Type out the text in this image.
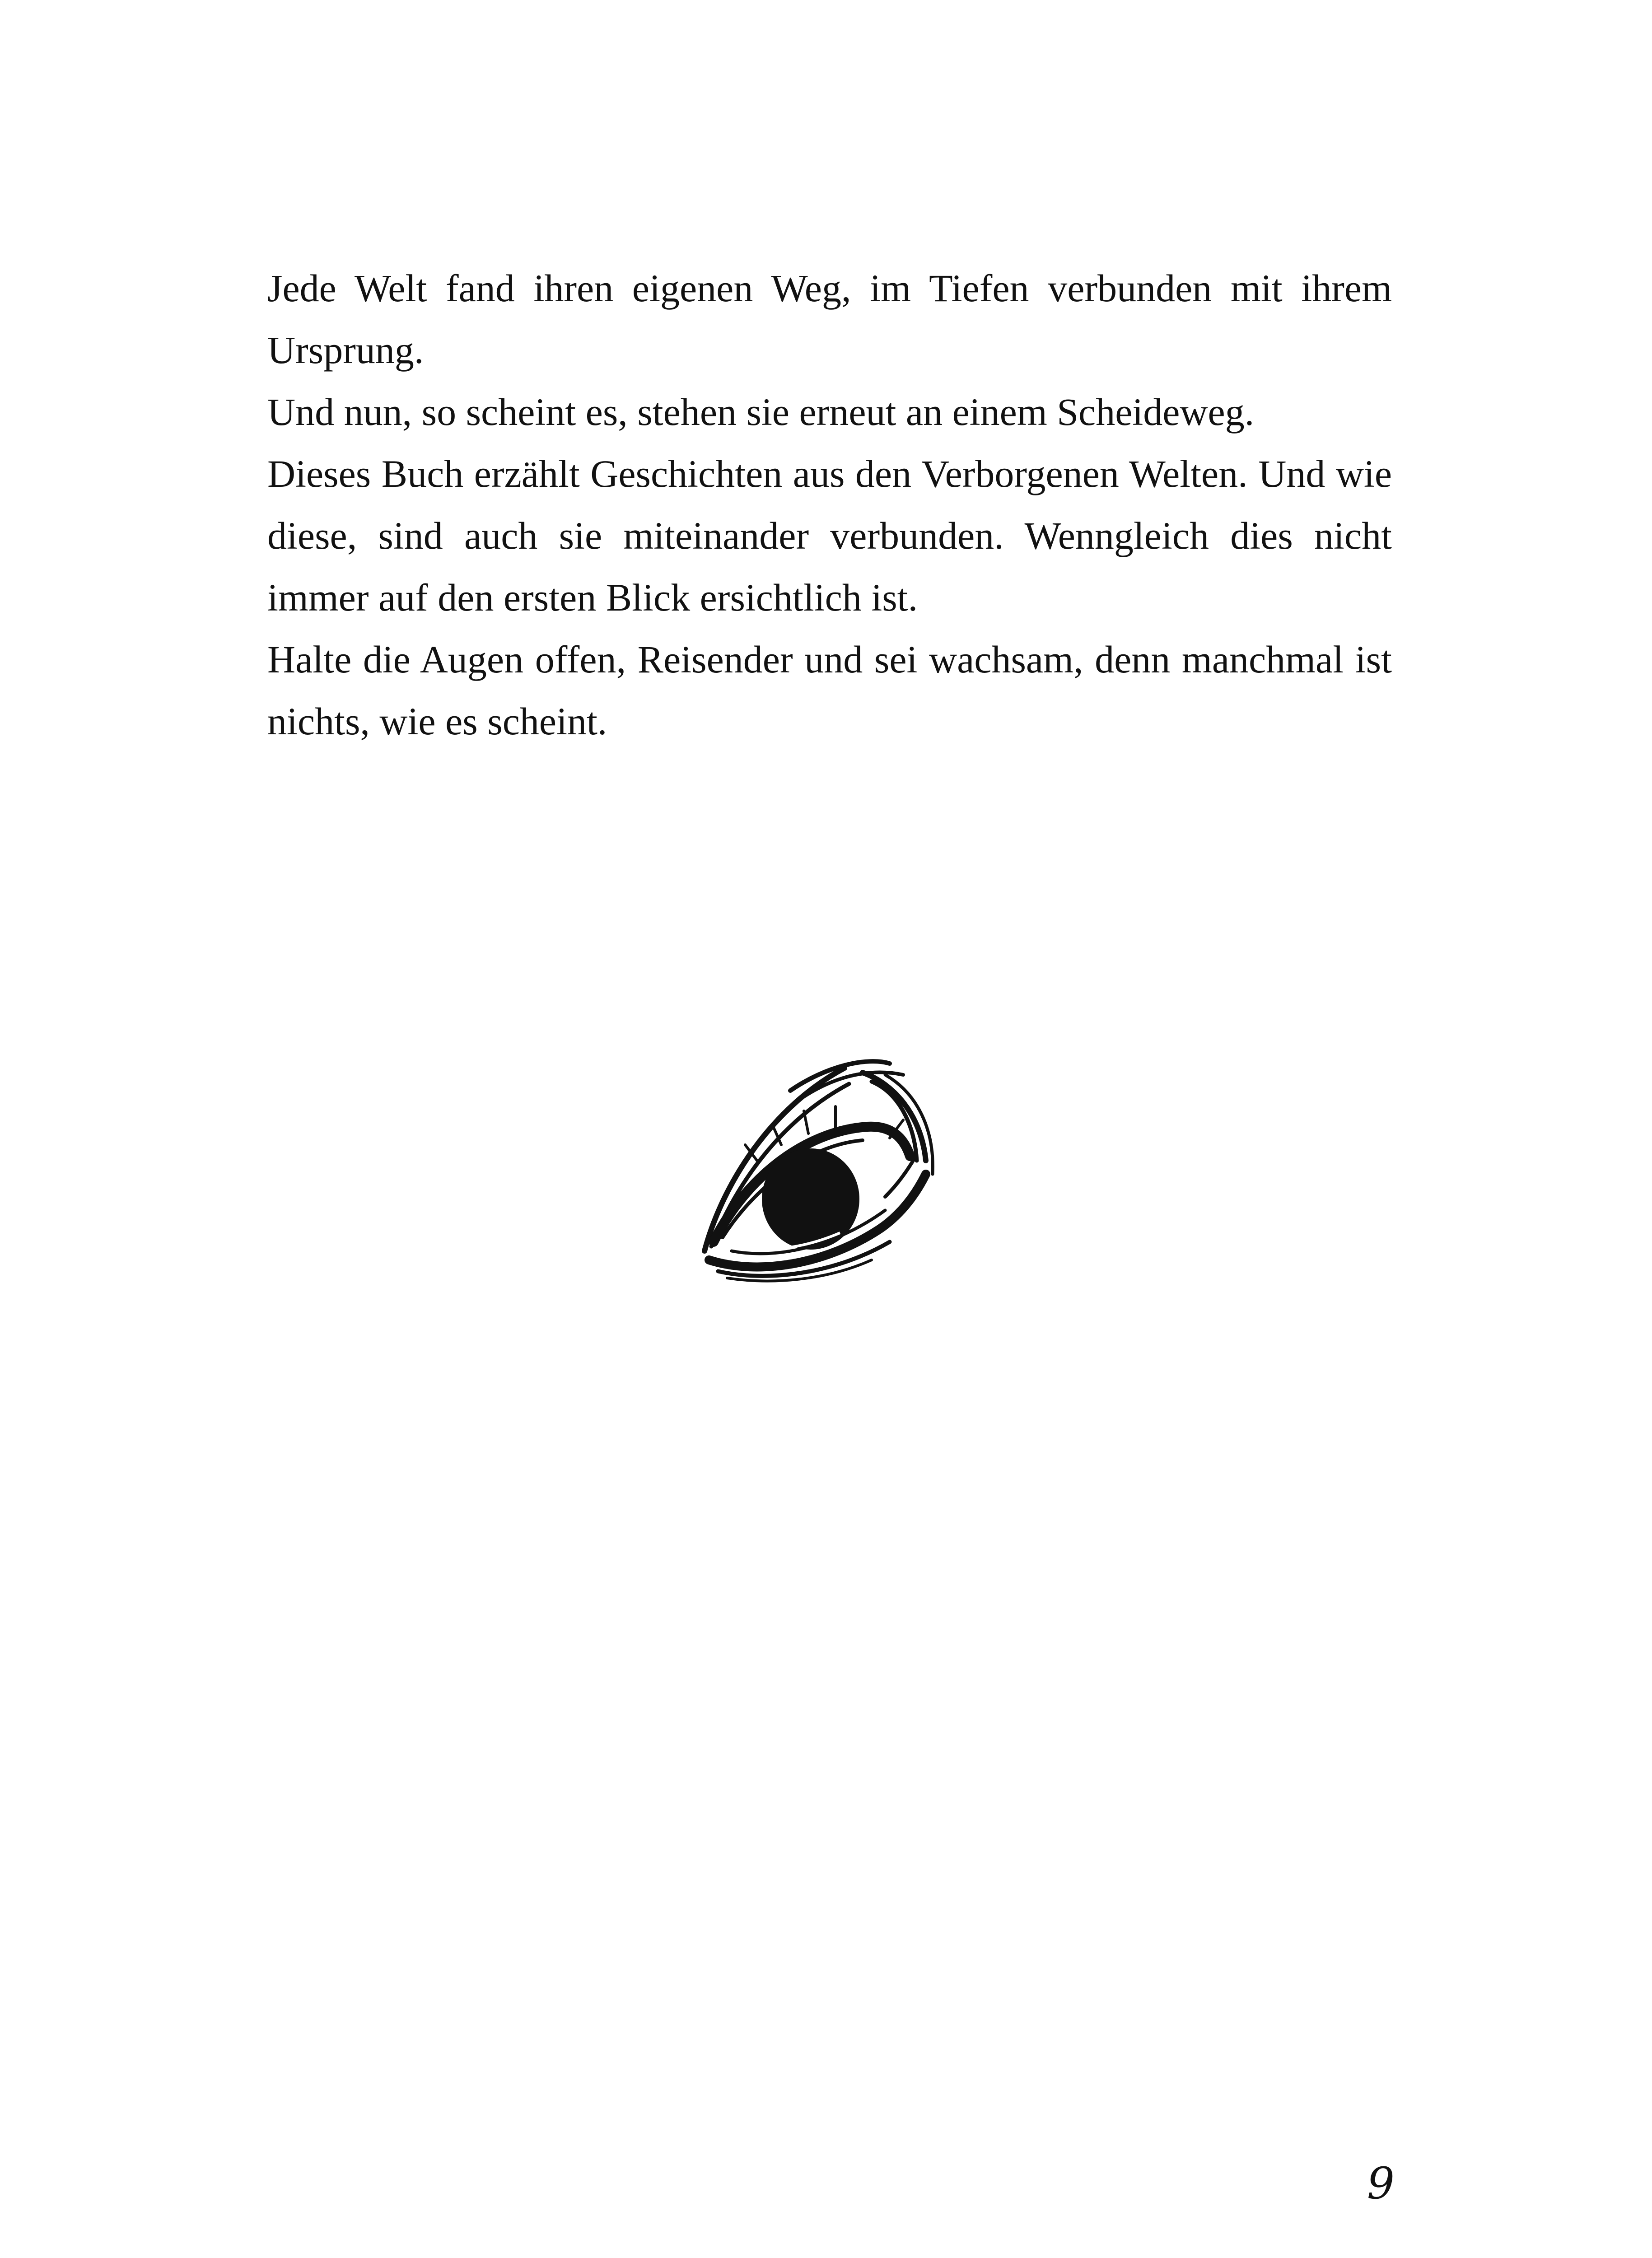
Jede Welt fand ihren eigenen Weg, im Tiefen verbunden mit ihrem Ursprung.

Und nun, so scheint es, stehen sie erneut an einem Scheideweg.

Dieses Buch erzählt Geschichten aus den Verborgenen Welten. Und wie diese, sind auch sie miteinander verbunden. Wenngleich dies nicht immer auf den ersten Blick ersichtlich ist.

Halte die Augen offen, Reisender und sei wachsam, denn manchmal ist nichts, wie es scheint.

9
